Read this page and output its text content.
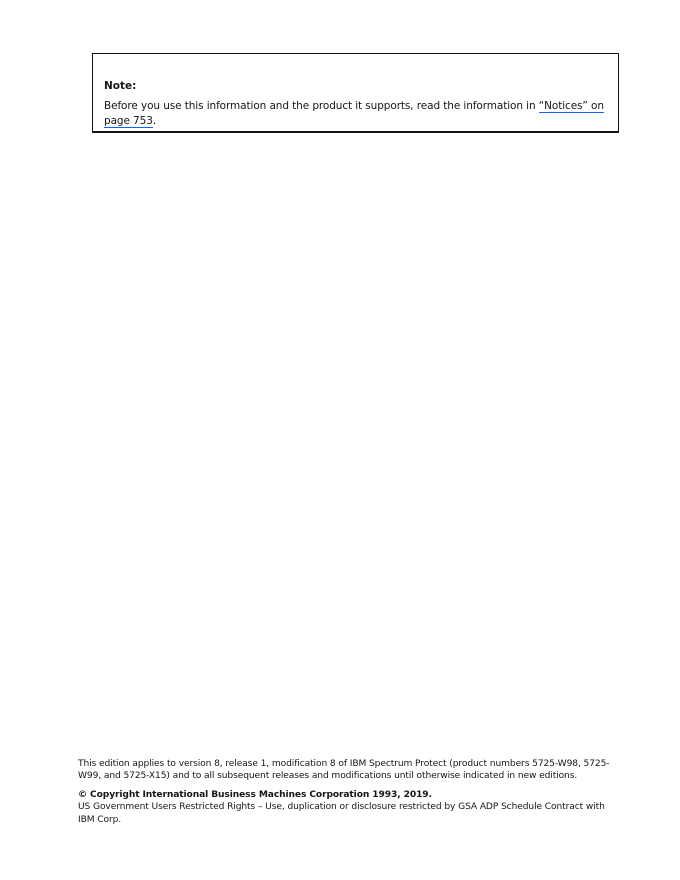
Note:

Before you use this information and the product it supports, read the information in “Notices” on page 753.

This edition applies to version 8, release 1, modification 8 of IBM Spectrum Protect (product numbers 5725-W98, 5725-W99, and 5725-X15) and to all subsequent releases and modifications until otherwise indicated in new editions.

© Copyright International Business Machines Corporation 1993, 2019.

US Government Users Restricted Rights – Use, duplication or disclosure restricted by GSA ADP Schedule Contract with IBM Corp.
